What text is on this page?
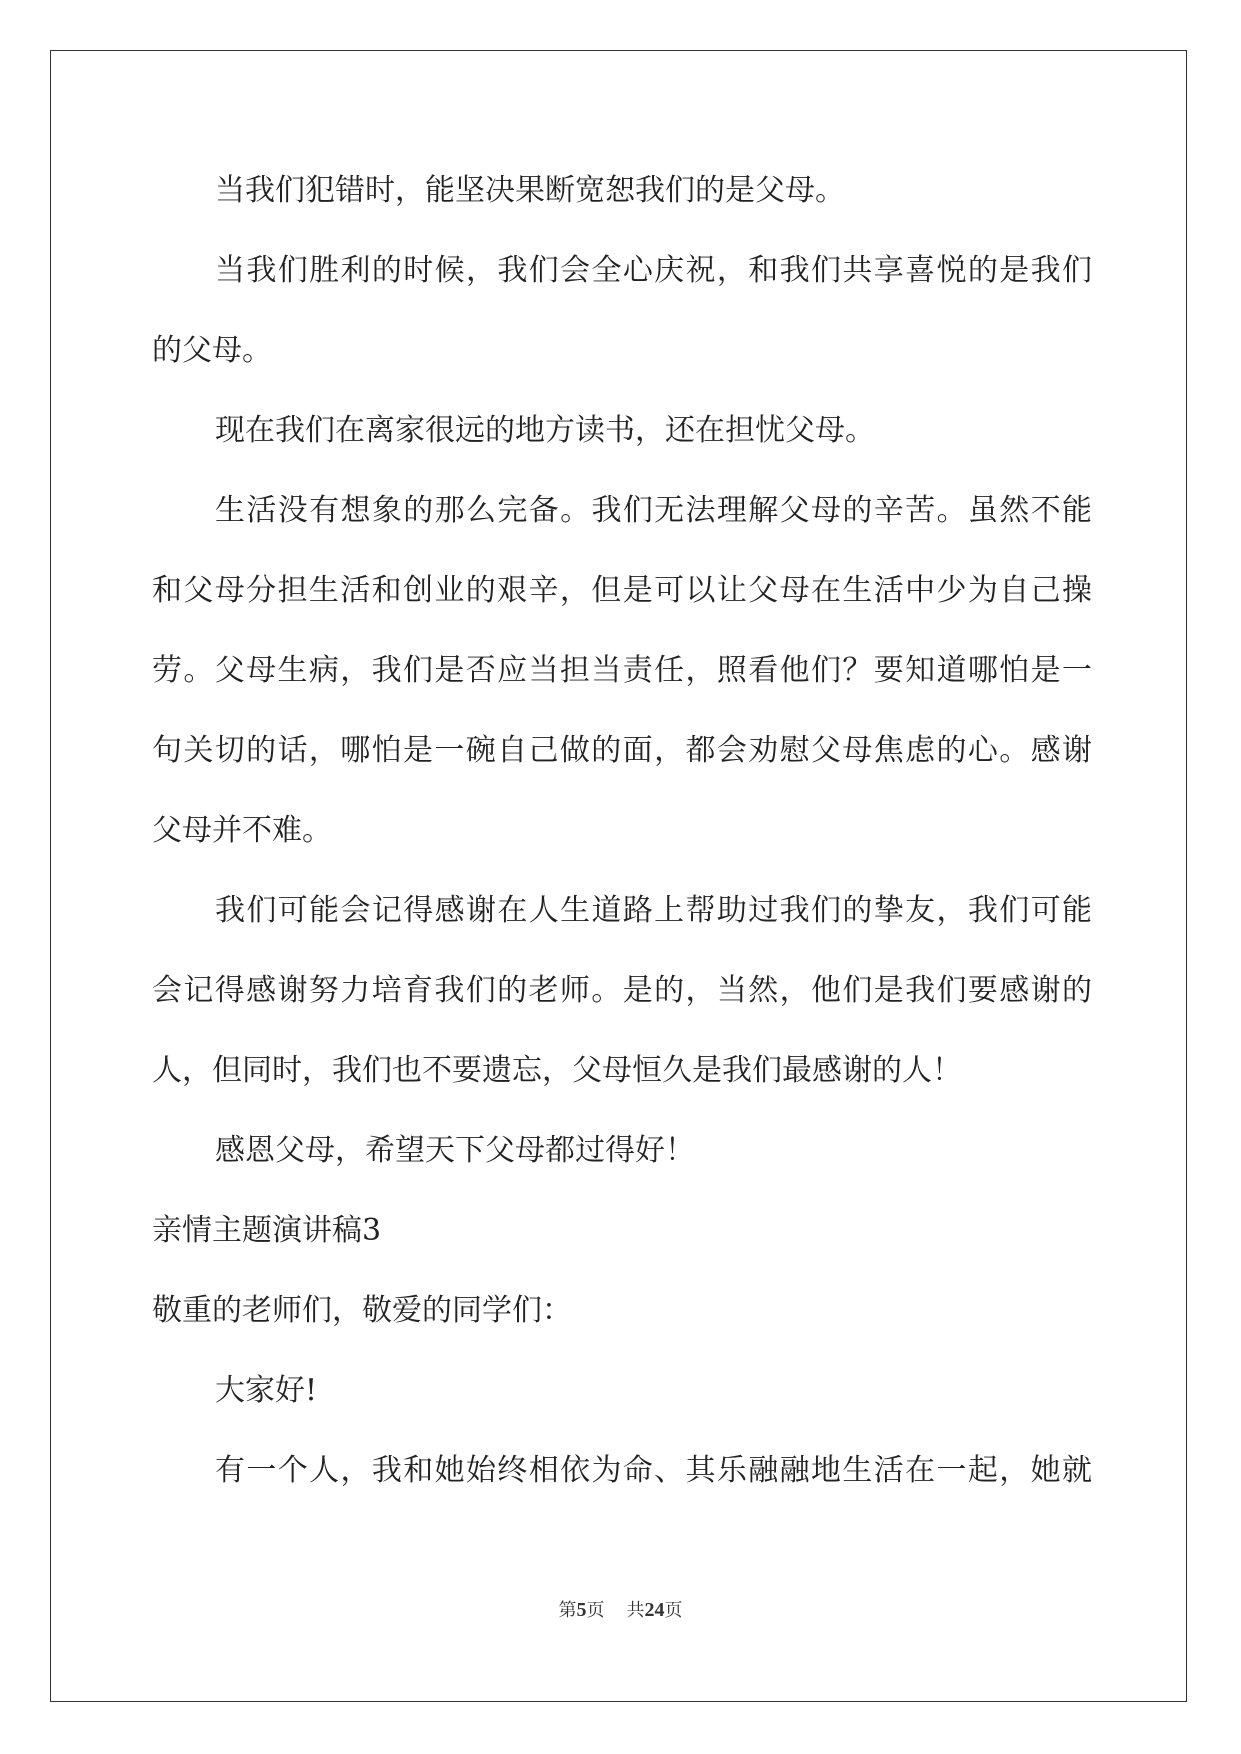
当我们犯错时，能坚决果断宽恕我们的是父母。
当我们胜利的时候，我们会全心庆祝，和我们共享喜悦的是我们
的父母。
现在我们在离家很远的地方读书，还在担忧父母。
生活没有想象的那么完备。我们无法理解父母的辛苦。虽然不能
和父母分担生活和创业的艰辛，但是可以让父母在生活中少为自己操
劳。父母生病，我们是否应当担当责任，照看他们？要知道哪怕是一
句关切的话，哪怕是一碗自己做的面，都会劝慰父母焦虑的心。感谢
父母并不难。
我们可能会记得感谢在人生道路上帮助过我们的挚友，我们可能
会记得感谢努力培育我们的老师。是的，当然，他们是我们要感谢的
人，但同时，我们也不要遗忘，父母恒久是我们最感谢的人！
感恩父母，希望天下父母都过得好！
亲情主题演讲稿3
敬重的老师们，敬爱的同学们：
大家好!
有一个人，我和她始终相依为命、其乐融融地生活在一起，她就
第5页 共24页
